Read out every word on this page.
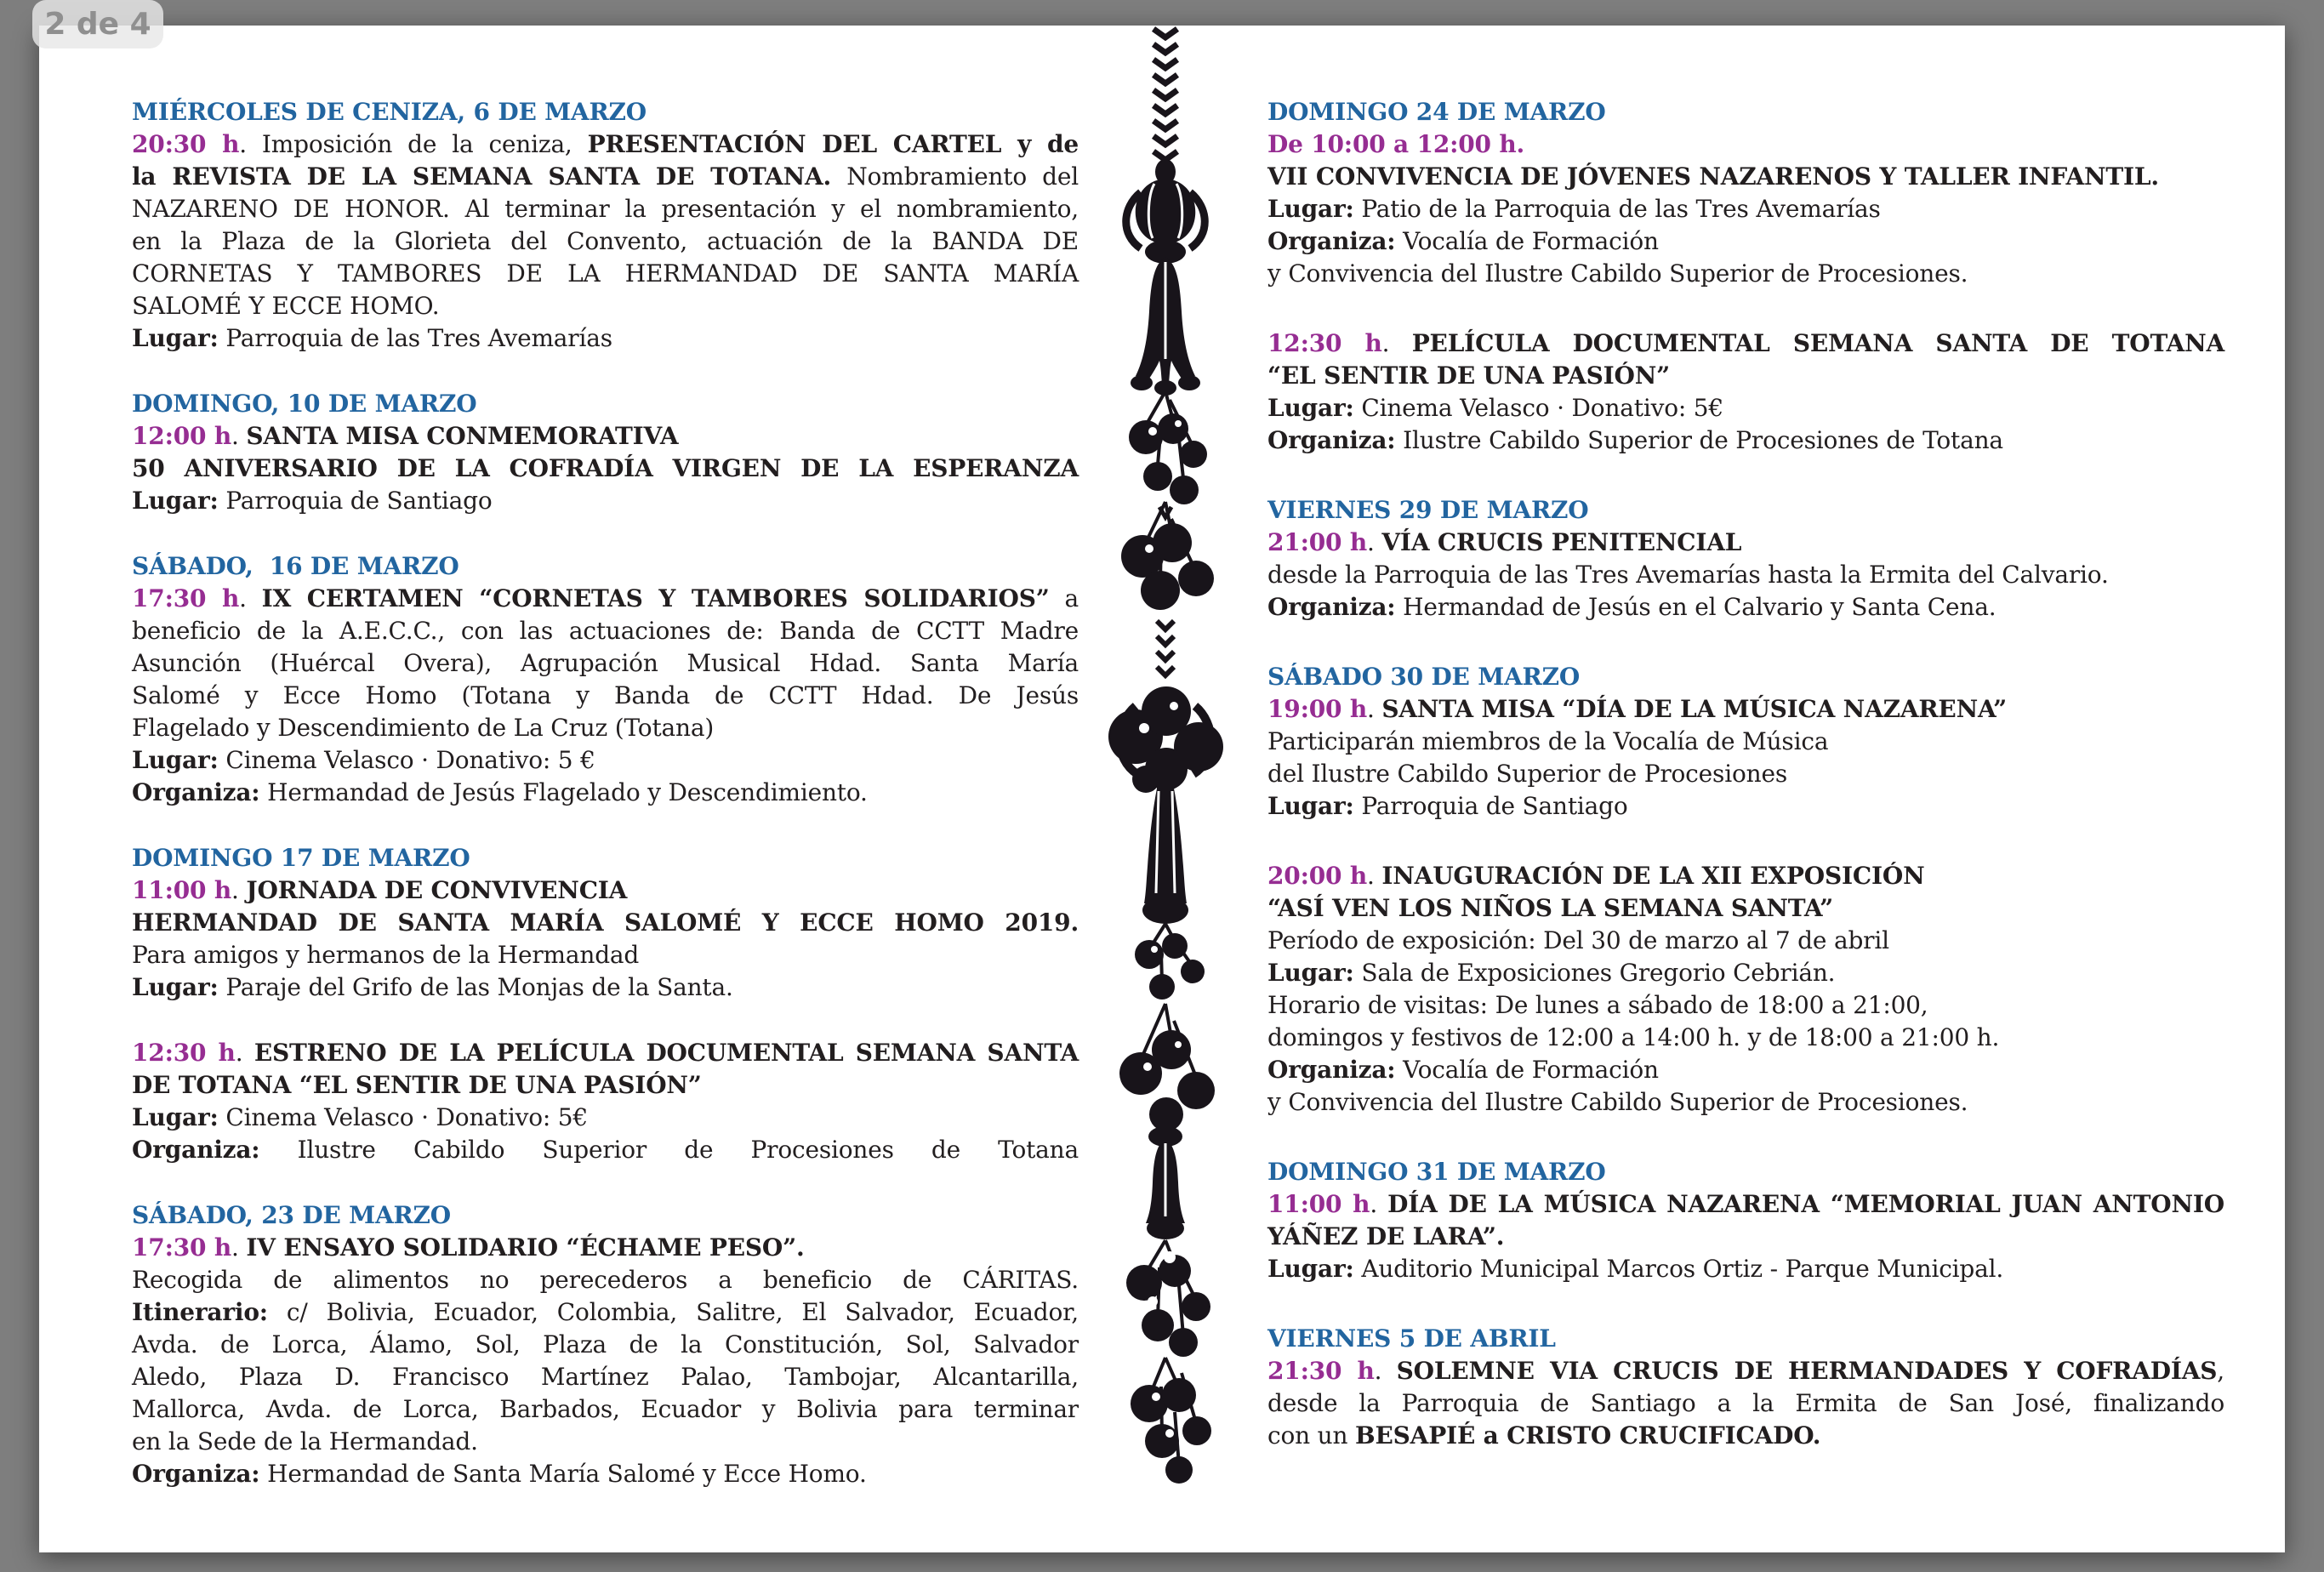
2 de 4
MIÉRCOLES DE CENIZA, 6 DE MARZO
20:30 h. Imposición de la ceniza, PRESENTACIÓN DEL CARTEL y de
la REVISTA DE LA SEMANA SANTA DE TOTANA. Nombramiento del
NAZARENO DE HONOR. Al terminar la presentación y el nombramiento,
en la Plaza de la Glorieta del Convento, actuación de la BANDA DE
CORNETAS Y TAMBORES DE LA HERMANDAD DE SANTA MARÍA
SALOMÉ Y ECCE HOMO.
Lugar: Parroquia de las Tres Avemarías
DOMINGO, 10 DE MARZO
12:00 h. SANTA MISA CONMEMORATIVA
50 ANIVERSARIO DE LA COFRADÍA VIRGEN DE LA ESPERANZA
Lugar: Parroquia de Santiago
SÁBADO,  16 DE MARZO
17:30 h. IX CERTAMEN “CORNETAS Y TAMBORES SOLIDARIOS” a
beneficio de la A.E.C.C., con las actuaciones de: Banda de CCTT Madre
Asunción (Huércal Overa), Agrupación Musical Hdad. Santa María
Salomé y Ecce Homo (Totana y Banda de CCTT Hdad. De Jesús
Flagelado y Descendimiento de La Cruz (Totana)
Lugar: Cinema Velasco · Donativo: 5 €
Organiza: Hermandad de Jesús Flagelado y Descendimiento.
DOMINGO 17 DE MARZO
11:00 h. JORNADA DE CONVIVENCIA
HERMANDAD DE SANTA MARÍA SALOMÉ Y ECCE HOMO 2019.
Para amigos y hermanos de la Hermandad
Lugar: Paraje del Grifo de las Monjas de la Santa.
12:30 h. ESTRENO DE LA PELÍCULA DOCUMENTAL SEMANA SANTA
DE TOTANA “EL SENTIR DE UNA PASIÓN”
Lugar: Cinema Velasco · Donativo: 5€
Organiza: Ilustre Cabildo Superior de Procesiones de Totana
SÁBADO, 23 DE MARZO
17:30 h. IV ENSAYO SOLIDARIO “ÉCHAME PESO”.
Recogida de alimentos no perecederos a beneficio de CÁRITAS.
Itinerario: c/ Bolivia, Ecuador, Colombia, Salitre, El Salvador, Ecuador,
Avda. de Lorca, Álamo, Sol, Plaza de la Constitución, Sol, Salvador
Aledo, Plaza D. Francisco Martínez Palao, Tambojar, Alcantarilla,
Mallorca, Avda. de Lorca, Barbados, Ecuador y Bolivia para terminar
en la Sede de la Hermandad.
Organiza: Hermandad de Santa María Salomé y Ecce Homo.
DOMINGO 24 DE MARZO
De 10:00 a 12:00 h.
VII CONVIVENCIA DE JÓVENES NAZARENOS Y TALLER INFANTIL.
Lugar: Patio de la Parroquia de las Tres Avemarías
Organiza: Vocalía de Formación
y Convivencia del Ilustre Cabildo Superior de Procesiones.
12:30 h. PELÍCULA DOCUMENTAL SEMANA SANTA DE TOTANA
“EL SENTIR DE UNA PASIÓN”
Lugar: Cinema Velasco · Donativo: 5€
Organiza: Ilustre Cabildo Superior de Procesiones de Totana
VIERNES 29 DE MARZO
21:00 h. VÍA CRUCIS PENITENCIAL
desde la Parroquia de las Tres Avemarías hasta la Ermita del Calvario.
Organiza: Hermandad de Jesús en el Calvario y Santa Cena.
SÁBADO 30 DE MARZO
19:00 h. SANTA MISA “DÍA DE LA MÚSICA NAZARENA”
Participarán miembros de la Vocalía de Música
del Ilustre Cabildo Superior de Procesiones
Lugar: Parroquia de Santiago
20:00 h. INAUGURACIÓN DE LA XII EXPOSICIÓN
“ASÍ VEN LOS NIÑOS LA SEMANA SANTA”
Período de exposición: Del 30 de marzo al 7 de abril
Lugar: Sala de Exposiciones Gregorio Cebrián.
Horario de visitas: De lunes a sábado de 18:00 a 21:00,
domingos y festivos de 12:00 a 14:00 h. y de 18:00 a 21:00 h.
Organiza: Vocalía de Formación
y Convivencia del Ilustre Cabildo Superior de Procesiones.
DOMINGO 31 DE MARZO
11:00 h. DÍA DE LA MÚSICA NAZARENA “MEMORIAL JUAN ANTONIO
YÁÑEZ DE LARA”.
Lugar: Auditorio Municipal Marcos Ortiz - Parque Municipal.
VIERNES 5 DE ABRIL
21:30 h. SOLEMNE VIA CRUCIS DE HERMANDADES Y COFRADÍAS,
desde la Parroquia de Santiago a la Ermita de San José, finalizando
con un BESAPIÉ a CRISTO CRUCIFICADO.
